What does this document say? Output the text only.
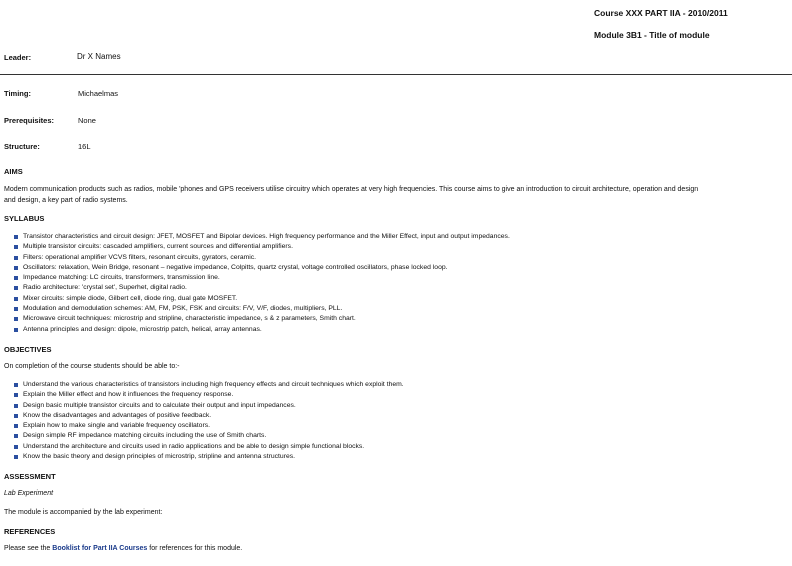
Course XXX PART IIA - 2010/2011
Module 3B1 - Title of module
Leader:	Dr X Names
Timing:	Michaelmas
Prerequisites:	None
Structure:	16L
AIMS
Modern communication products such as radios, mobile 'phones and GPS receivers utilise circuitry which operates at very high frequencies. This course aims to give an introduction to circuit architecture, operation and design
and design, a key part of radio systems.
SYLLABUS
Transistor characteristics and circuit design: JFET, MOSFET and Bipolar devices. High frequency performance and the Miller Effect, input and output impedances.
Multiple transistor circuits: cascaded amplifiers, current sources and differential amplifiers.
Filters: operational amplifier VCVS filters, resonant circuits, gyrators, ceramic.
Oscillators: relaxation, Wein Bridge, resonant – negative impedance, Colpitts, quartz crystal, voltage controlled oscillators, phase locked loop.
Impedance matching: LC circuits, transformers, transmission line.
Radio architecture: 'crystal set', Superhet, digital radio.
Mixer circuits: simple diode, Gilbert cell, diode ring, dual gate MOSFET.
Modulation and demodulation schemes: AM, FM, PSK, FSK and circuits: F/V, V/F, diodes, multipliers, PLL.
Microwave circuit techniques: microstrip and stripline, characteristic impedance, s & z parameters, Smith chart.
Antenna principles and design: dipole, microstrip patch, helical, array antennas.
OBJECTIVES
On completion of the course students should be able to:-
Understand the various characteristics of transistors including high frequency effects and circuit techniques which exploit them.
Explain the Miller effect and how it influences the frequency response.
Design basic multiple transistor circuits and to calculate their output and input impedances.
Know the disadvantages and advantages of positive feedback.
Explain how to make single and variable frequency oscillators.
Design simple RF impedance matching circuits including the use of Smith charts.
Understand the architecture and circuits used in radio applications and be able to design simple functional blocks.
Know the basic theory and design principles of microstrip, stripline and antenna structures.
ASSESSMENT
Lab Experiment
The module is accompanied by the lab experiment:
REFERENCES
Please see the Booklist for Part IIA Courses for references for this module.
